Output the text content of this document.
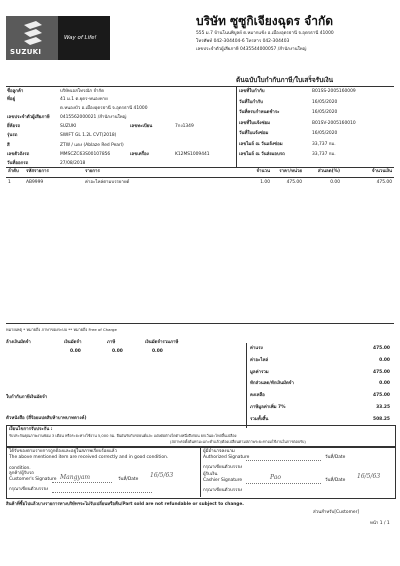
SUZUKI
Way of Life!
บริษัท ซูซูกิเจียงฉุดร จำกัด
555 ม.7 บ้านโนนพิบูลย์ ต.หมากแข้ง อ.เมืองอุดรธานี จ.อุดรธานี 41000
โทรศัพท์ 042-304404-6 โทรสาร 042-304403
เลขประจำตัวผู้เสียภาษี 0435544000057 /สำนักงานใหญ่
ต้นฉบับใบกำกับภาษี/ใบเสร็จรับเงิน
ชื่อลูกค้า	บริษัทเอสโทรณัก จำกัด
ที่อยู่	41 ม.1 ต.ยุดร-หนองหาย
ต.หนองบัว อ.เมืองอุดรธานี จ.อุดรธานี 41000
เลขประจำตัวผู้เสียภาษี 0415562000021 /สำนักงานใหญ่
ยี่ห้อรถ	SUZUKI	เลขทะเบียน	7กง1349
รุ่นรถ	SWIFT GL 1.2L CVT(2018)
สี	ZTW / แดง (Ablaze Red Pearl)
เลขตัวถังรถ	MMSCZC63S00107856	เลขเครื่อง	K12MS1009441
วันที่ออกรถ	27/08/2018
เลขที่ใบกำกับ	B01SS-2005160009
วันที่ใบกำกับ	16/05/2020
วันที่ครบกำหนดชำระ	16/05/2020
เลขที่ใบแจ้งซ่อม	B01SV-2005160010
วันที่ใบแจ้งซ่อม	16/05/2020
เลขไมล์ ณ วันแจ้งซ่อม	33,737 กม.
เลขไมล์ ณ วันส่งมอบรถ	33,737 กม.
ลำดับ	รหัสรายการ	รายการ	จำนวน	ราคา/หน่วย	ส่วนลด(%)	จำนวนเงิน
1	AB9999	ค่าอะไหล่ตามบรรยายด์	1.00	475.00	0.00	475.00
หมายเหตุ * หมายถึง ภาษาของระบบ ** หมายถึง Free of Charge
เงินมัดจำ	ภาษี	เงินมัดจำรวมภาษี
ล้างเงินมัดจำ
0.00	0.00	0.00
ใบกำกับภาษีเงินมัดจำ
ตัวหนังสือ (สี่ร้อยแปดสิบห้าบาทบาทตางค์)
ค่าแรง	475.00
ค่าอะไหล่	0.00
มูลค่ารวม	475.00
หักส่วนลด/หักเงินมัดจำ	0.00
คงเหลือ	475.00
ภาษีมูลค่าเพิ่ม 7%	33.25
รวมทั้งสิ้น	508.25
เงื่อนไขการรับประกัน :
รับประกันคุณภาพงานซ่อม 3 เดือน หรือระยะทางใช้งาน 5,000 กม. ยืนยันรับกับรถยนต์และ แต่งต่อต่างใดต่างหนึ่งถึงก่อน ยกเว้นอะไหล่สิ้นเปลือง
(สภาพรถตั้งต้นทามะแกะคำแล้ว/ต้องเปลี่ยนตามสภาพระยะทางมใช้งานในการตอบรับ)
ได้รับของตามรายการถูกต้องและอยู่ในสภาพเรียบร้อยแล้ว
The above mentioned item are received correctly and in good condition.
condition.
ลูกค้า/ผู้รับรถ
Customer's Signature Mangyam	วันที่/Date
16/5/63
กรุณาเขียนตัวบรรจง
ผู้มีอำนาจลงนาม
Authorized Signature	วันที่/Date
กรุณาเขียนตัวบรรจง
ผู้รับเงิน
Cashier Signature	Pao	วันที่/Date
16/5/63
กรุณาเขียนตัวบรรจง
สินค้าที่ซื้อไปแล้วบางรายการทางบริษัทฯจะไม่รับเปลี่ยนหรือคืน/Part sold are not refundable or subject to change.
ส่วนสำหรับ[Customer]
หน้า 1 / 1
